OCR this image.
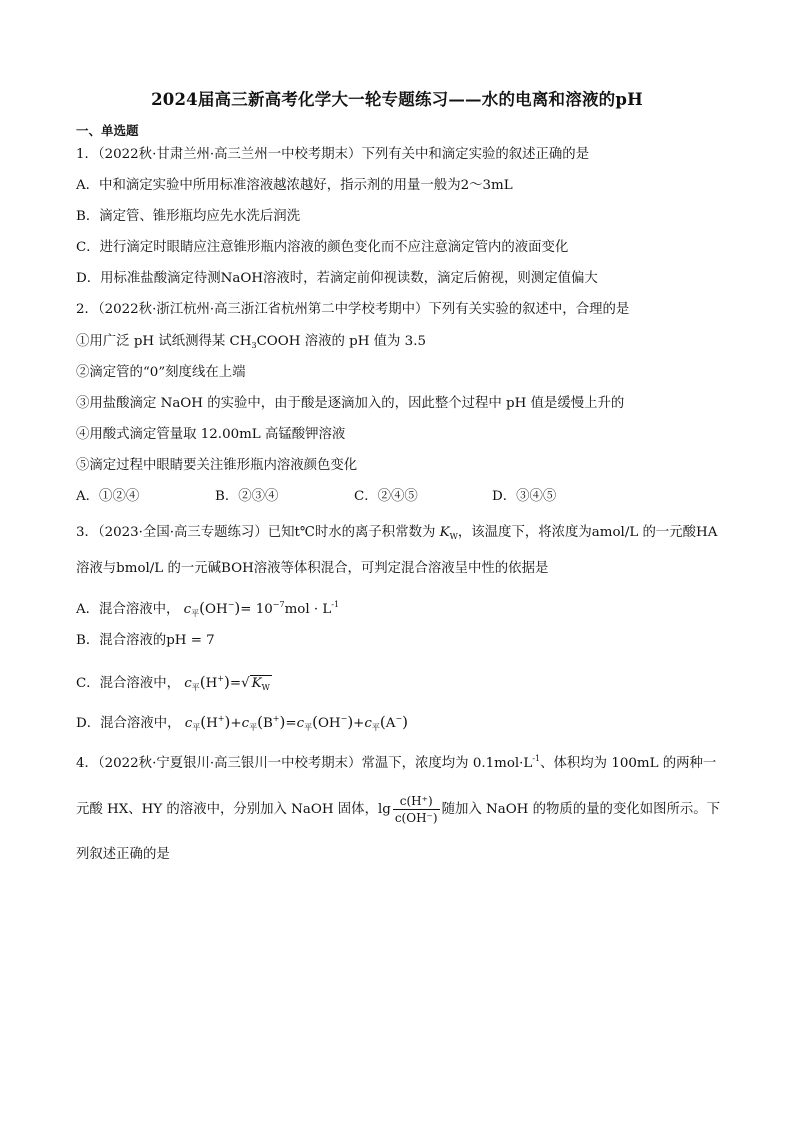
2024届高三新高考化学大一轮专题练习——水的电离和溶液的pH
一、单选题
1．（2022秋·甘肃兰州·高三兰州一中校考期末）下列有关中和滴定实验的叙述正确的是
A．中和滴定实验中所用标准溶液越浓越好，指示剂的用量一般为2～3mL
B．滴定管、锥形瓶均应先水洗后润洗
C．进行滴定时眼睛应注意锥形瓶内溶液的颜色变化而不应注意滴定管内的液面变化
D．用标准盐酸滴定待测NaOH溶液时，若滴定前仰视读数，滴定后俯视，则测定值偏大
2．（2022秋·浙江杭州·高三浙江省杭州第二中学校考期中）下列有关实验的叙述中，合理的是
①用广泛 pH 试纸测得某 $CH_3COOH$ 溶液的 pH 值为 3.5
②滴定管的“0”刻度线在上端
③用盐酸滴定 NaOH 的实验中，由于酸是逐滴加入的，因此整个过程中 pH 值是缓慢上升的
④用酸式滴定管量取 12.00mL 高锰酸钾溶液
⑤滴定过程中眼睛要关注锥形瓶内溶液颜色变化
A．①②④	B．②③④	C．②④⑤	D．③④⑤
3．（2023·全国·高三专题练习）已知t℃时水的离子积常数为 $K_W$，该温度下，将浓度为amol/L 的一元酸HA
溶液与bmol/L 的一元碱BOH溶液等体积混合，可判定混合溶液呈中性的依据是
A．混合溶液中， $c_平(OH^-)= 10^{-7}mol \cdot L^{-1}$
B．混合溶液的pH = 7
C．混合溶液中， $c_平(H^+)=√$ $K_W$
D．混合溶液中， $c_平(H^+)+c_平(B^+)=c_平(OH^-)+c_平(A^-)$
4．（2022秋·宁夏银川·高三银川一中校考期末）常温下，浓度均为 $0.1mol\cdot L^{-1}$、体积均为 100mL 的两种一
元酸 HX、HY 的溶液中，分别加入 NaOH 固体，$\lg \frac{c(H^+)}{c(OH^-)}$ 随加入 NaOH 的物质的量的变化如图所示。下
列叙述正确的是
